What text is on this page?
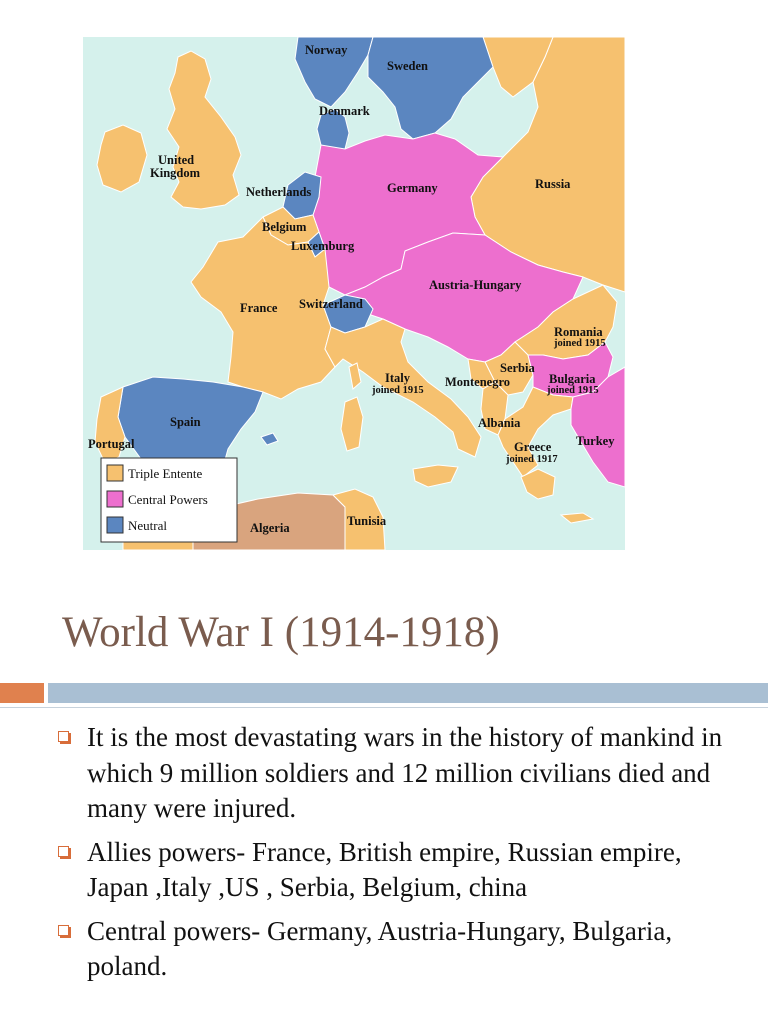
Norway
Sweden
Denmark
United
Kingdom
Netherlands	Germany	Russia
Belgium
Luxemburg
Austria-Hungary
France Switzerland
Romania
joined 1915
Serbia
Italy
joined 1915
Montenegro	Bulgaria
joined 1915
Spain	Albania
Turkey
Portugal	Greece
joined 1917
Algeria	Tunisia
Triple Entente
Central Powers
Neutral
World War I (1914-1918)
It is the most devastating wars in the history of mankind in which 9 million soldiers and 12 million civilians died and many were injured.
Allies powers- France, British empire, Russian empire, Japan ,Italy ,US , Serbia, Belgium, china
Central powers- Germany, Austria-Hungary, Bulgaria, poland.
